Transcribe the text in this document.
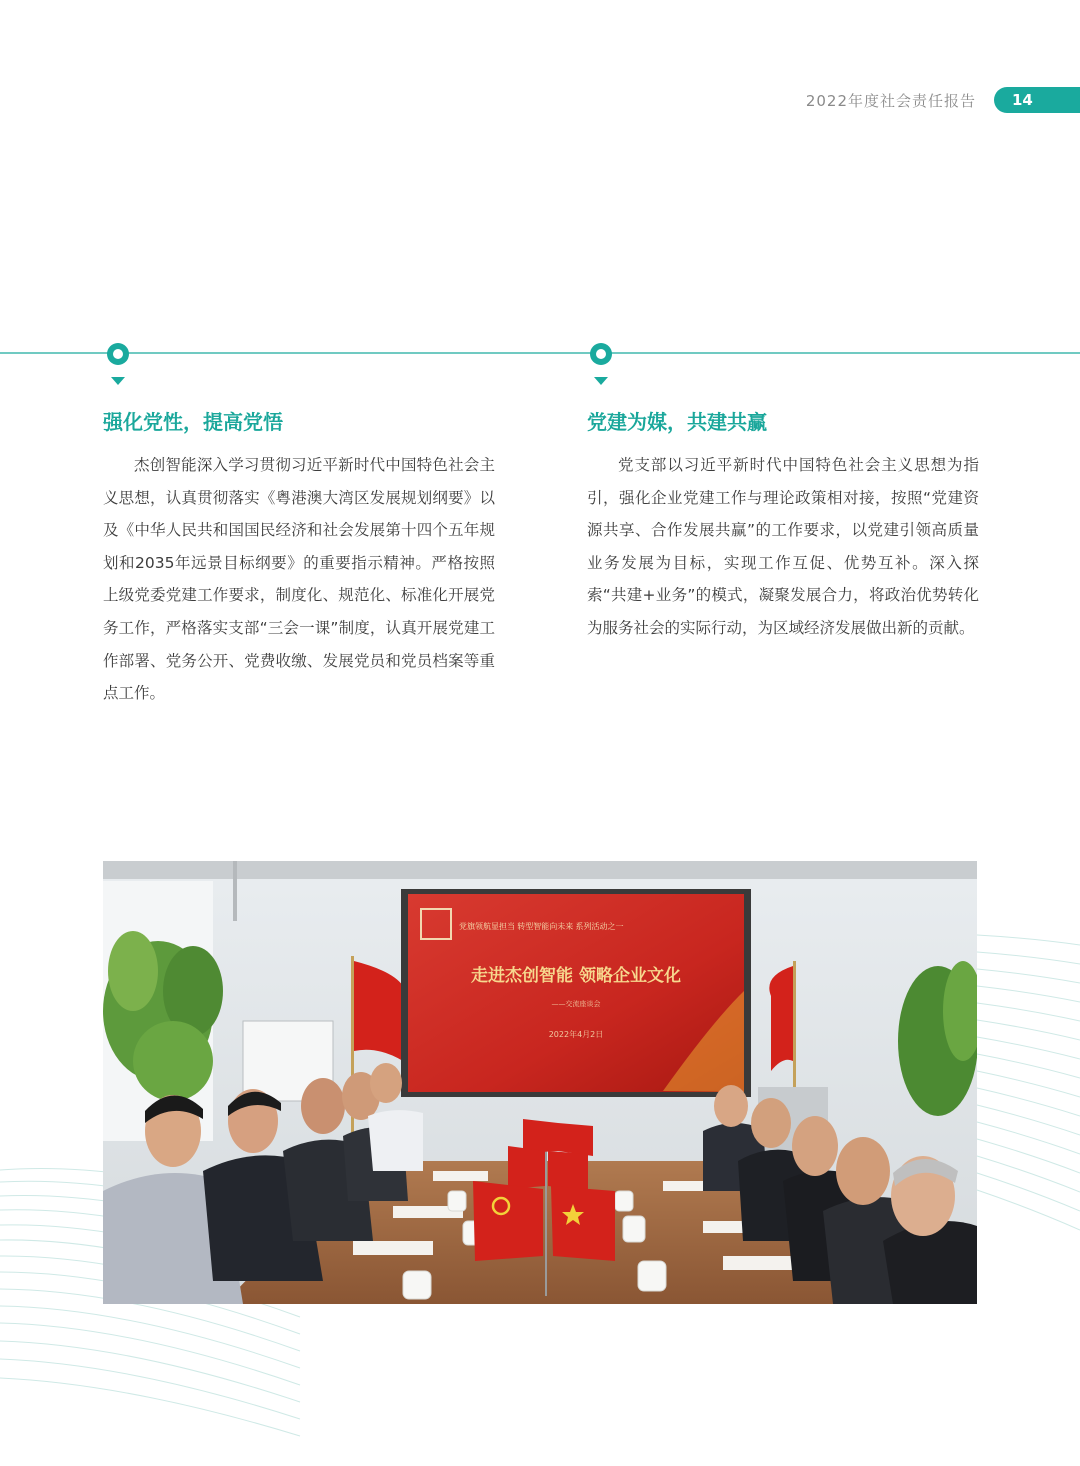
2022年度社会责任报告	14
强化党性，提高党悟

杰创智能深入学习贯彻习近平新时代中国特色社会主义思想，认真贯彻落实《粤港澳大湾区发展规划纲要》以及《中华人民共和国国民经济和社会发展第十四个五年规划和2035年远景目标纲要》的重要指示精神。严格按照上级党委党建工作要求，制度化、规范化、标准化开展党务工作，严格落实支部“三会一课”制度，认真开展党建工作部署、党务公开、党费收缴、发展党员和党员档案等重点工作。

党建为媒，共建共赢

党支部以习近平新时代中国特色社会主义思想为指引，强化企业党建工作与理论政策相对接，按照“党建资源共享、合作发展共赢”的工作要求，以党建引领高质量业务发展为目标，实现工作互促、优势互补。深入探索“共建+业务”的模式，凝聚发展合力，将政治优势转化为服务社会的实际行动，为区域经济发展做出新的贡献。

党旗领航显担当 转型智能向未来 系列活动之一
走进杰创智能 领略企业文化
——交流座谈会
2022年4月2日
